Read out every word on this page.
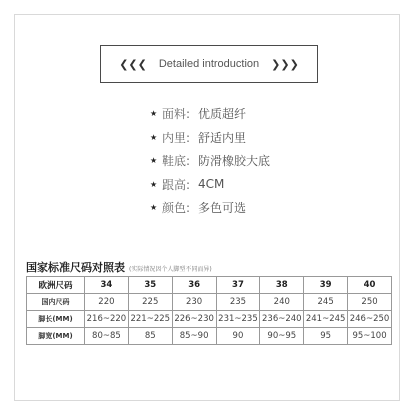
❮❮❮ Detailed introduction ❯❯❯
★ 面料: 优质超纤
★ 内里: 舒适内里
★ 鞋底: 防滑橡胶大底
★ 跟高: 4CM
★ 颜色: 多色可选
国家标准尺码对照表 (实际情况因个人脚型不同而异)
欧洲尺码	34	35	36	37	38	39	40
国内尺码	220	225	230	235	240	245	250
脚长(MM)	216~220	221~225	226~230	231~235	236~240	241~245	246~250
脚宽(MM)	80~85	85	85~90	90	90~95	95	95~100
